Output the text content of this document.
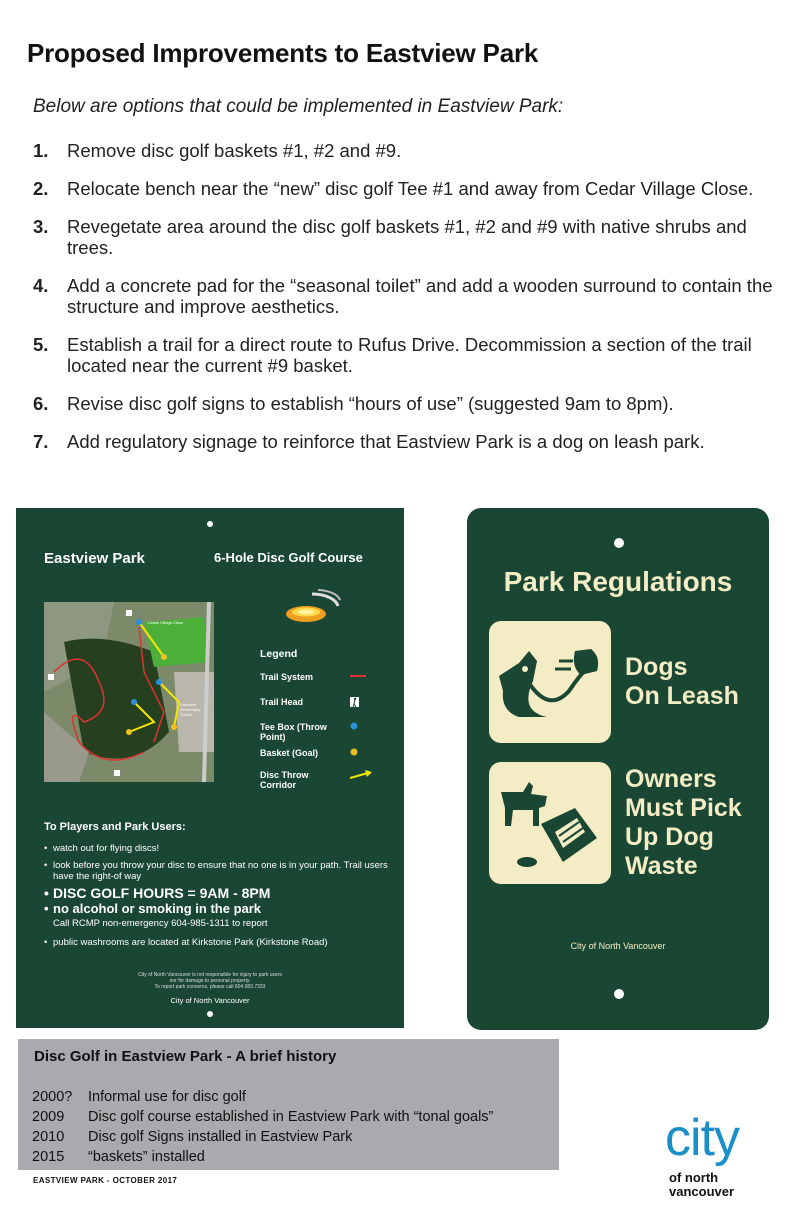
Proposed Improvements to Eastview Park
Below are options that could be implemented in Eastview Park:
1.	Remove disc golf baskets #1, #2 and #9.
2.	Relocate bench near the “new” disc golf Tee #1 and away from Cedar Village Close.
3.	Revegetate area around the disc golf baskets #1, #2 and #9 with native shrubs and trees.
4.	Add a concrete pad for the “seasonal toilet” and add a wooden surround to contain the structure and improve aesthetics.
5.	Establish a trail for a direct route to Rufus Drive. Decommission a section of the trail located near the current #9 basket.
6.	Revise disc golf signs to establish “hours of use” (suggested 9am to 8pm).
7.	Add regulatory signage to reinforce that Eastview Park is a dog on leash park.
Eastview Park	6-Hole Disc Golf Course
Cedar Village Close
Eastview Elementary School
Legend
Trail System
Trail Head
Tee Box (Throw Point)
Basket (Goal)
Disc Throw Corridor
To Players and Park Users:
• watch out for flying discs!
• look before you throw your disc to ensure that no one is in your path. Trail users have the right-of way
• DISC GOLF HOURS = 9AM - 8PM
• no alcohol or smoking in the park
Call RCMP non-emergency 604-985-1311 to report
• public washrooms are located at Kirkstone Park (Kirkstone Road)
City of North Vancouver is not responsible for injury to park users
nor for damage to personal property.
To report park concerns, please call 604.983.7333
City of North Vancouver
Park Regulations
Dogs
On Leash
Owners
Must Pick
Up Dog
Waste
City of North Vancouver
Disc Golf in Eastview Park - A brief history
2000?	Informal use for disc golf
2009	Disc golf course established in Eastview Park with “tonal goals”
2010	Disc golf Signs installed in Eastview Park
2015	“baskets” installed
EASTVIEW PARK - OCTOBER 2017
city
of north
vancouver
